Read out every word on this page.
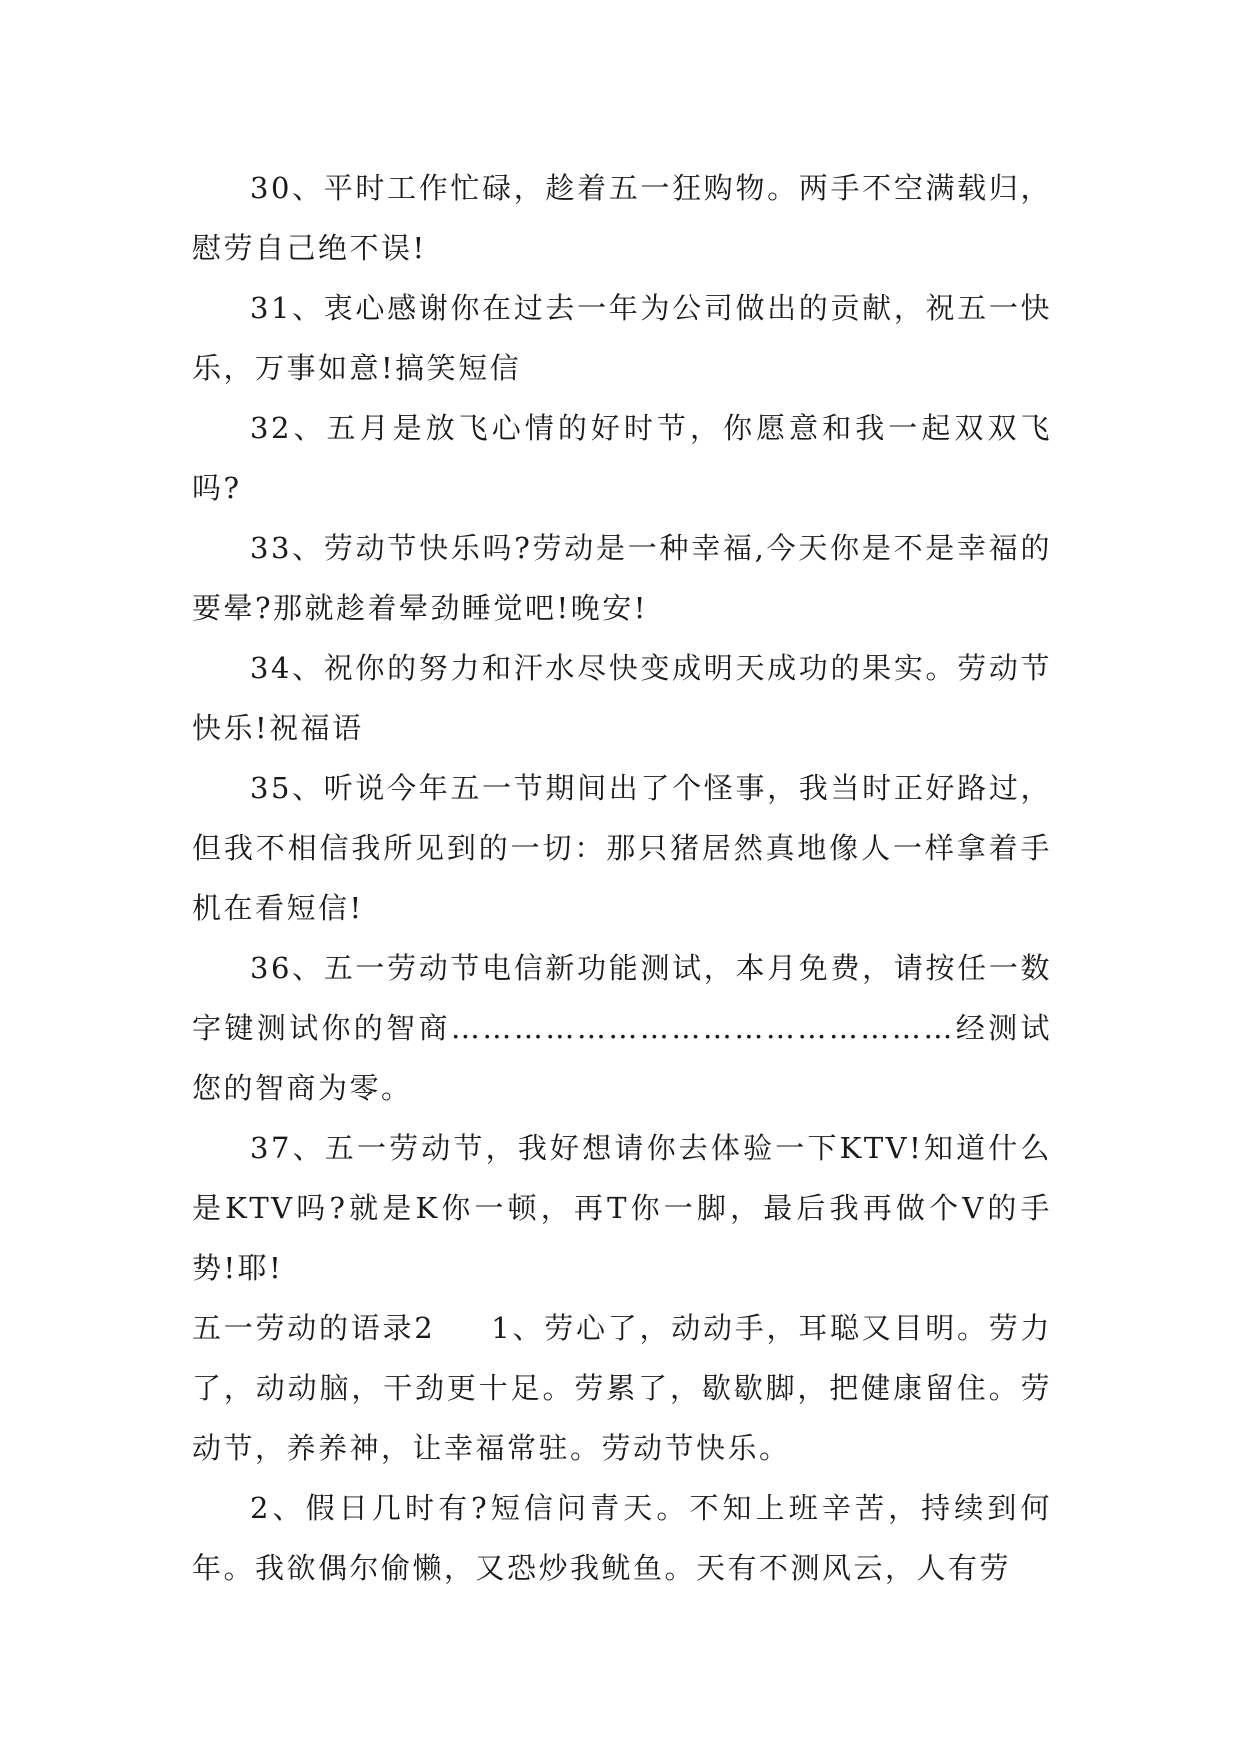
30、平时工作忙碌，趁着五一狂购物。两手不空满载归，慰劳自己绝不误!

31、衷心感谢你在过去一年为公司做出的贡献，祝五一快乐，万事如意!搞笑短信

32、五月是放飞心情的好时节，你愿意和我一起双双飞吗?

33、劳动节快乐吗?劳动是一种幸福,今天你是不是幸福的要晕?那就趁着晕劲睡觉吧!晚安!

34、祝你的努力和汗水尽快变成明天成功的果实。劳动节快乐!祝福语

35、听说今年五一节期间出了个怪事，我当时正好路过，但我不相信我所见到的一切：那只猪居然真地像人一样拿着手机在看短信!

36、五一劳动节电信新功能测试，本月免费，请按任一数字键测试你的智商…………………………………………经测试您的智商为零。

37、五一劳动节，我好想请你去体验一下KTV!知道什么是KTV吗?就是K你一顿，再T你一脚，最后我再做个V的手势!耶!

五一劳动的语录2 1、劳心了，动动手，耳聪又目明。劳力了，动动脑，干劲更十足。劳累了，歇歇脚，把健康留住。劳动节，养养神，让幸福常驻。劳动节快乐。

2、假日几时有?短信问青天。不知上班辛苦，持续到何年。我欲偶尔偷懒，又恐炒我鱿鱼。天有不测风云，人有劳
